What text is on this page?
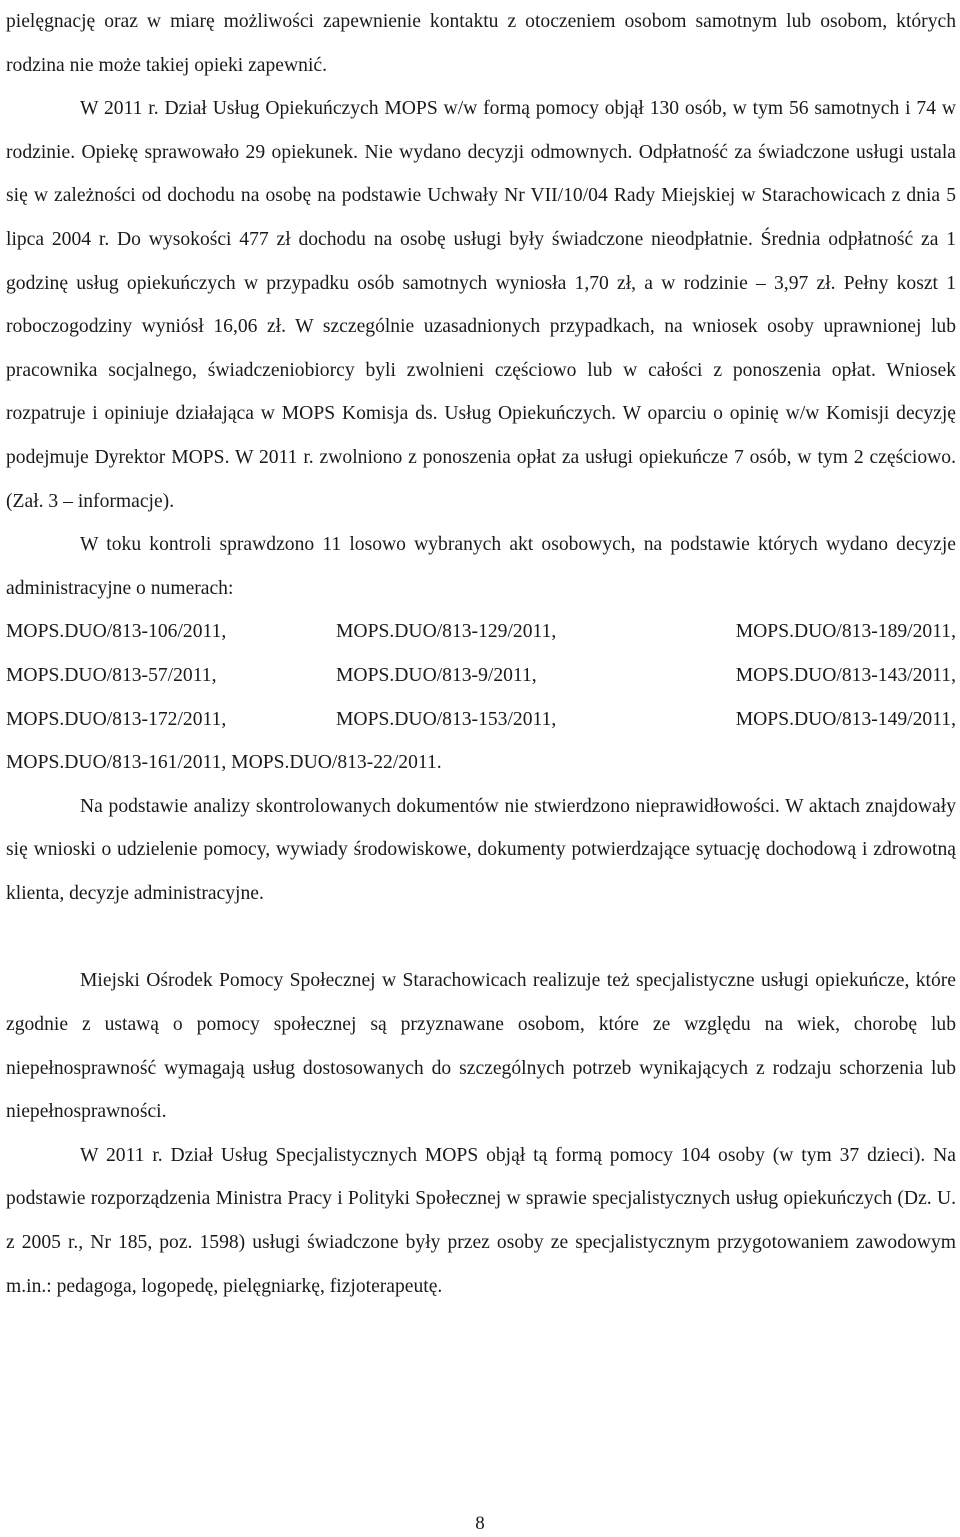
pielęgnację oraz w miarę możliwości zapewnienie kontaktu z otoczeniem osobom samotnym lub osobom, których rodzina nie może takiej opieki zapewnić.

W 2011 r. Dział Usług Opiekuńczych MOPS w/w formą pomocy objął 130 osób, w tym 56 samotnych i 74 w rodzinie. Opiekę sprawowało 29 opiekunek. Nie wydano decyzji odmownych. Odpłatność za świadczone usługi ustala się w zależności od dochodu na osobę na podstawie Uchwały Nr VII/10/04 Rady Miejskiej w Starachowicach z dnia 5 lipca 2004 r. Do wysokości 477 zł dochodu na osobę usługi były świadczone nieodpłatnie. Średnia odpłatność za 1 godzinę usług opiekuńczych w przypadku osób samotnych wyniosła 1,70 zł, a w rodzinie – 3,97 zł. Pełny koszt 1 roboczogodziny wyniósł 16,06 zł. W szczególnie uzasadnionych przypadkach, na wniosek osoby uprawnionej lub pracownika socjalnego, świadczeniobiorcy byli zwolnieni częściowo lub w całości z ponoszenia opłat. Wniosek rozpatruje i opiniuje działająca w MOPS Komisja ds. Usług Opiekuńczych. W oparciu o opinię w/w Komisji decyzję podejmuje Dyrektor MOPS. W 2011 r. zwolniono z ponoszenia opłat za usługi opiekuńcze 7 osób, w tym 2 częściowo. (Zał. 3 – informacje).

W toku kontroli sprawdzono 11 losowo wybranych akt osobowych, na podstawie których wydano decyzje administracyjne o numerach:

MOPS.DUO/813-106/2011,	MOPS.DUO/813-129/2011,	MOPS.DUO/813-189/2011,
MOPS.DUO/813-57/2011,	MOPS.DUO/813-9/2011,	MOPS.DUO/813-143/2011,
MOPS.DUO/813-172/2011,	MOPS.DUO/813-153/2011,	MOPS.DUO/813-149/2011,
MOPS.DUO/813-161/2011, MOPS.DUO/813-22/2011.

Na podstawie analizy skontrolowanych dokumentów nie stwierdzono nieprawidłowości. W aktach znajdowały się wnioski o udzielenie pomocy, wywiady środowiskowe, dokumenty potwierdzające sytuację dochodową i zdrowotną klienta, decyzje administracyjne.

Miejski Ośrodek Pomocy Społecznej w Starachowicach realizuje też specjalistyczne usługi opiekuńcze, które zgodnie z ustawą o pomocy społecznej są przyznawane osobom, które ze względu na wiek, chorobę lub niepełnosprawność wymagają usług dostosowanych do szczególnych potrzeb wynikających z rodzaju schorzenia lub niepełnosprawności.

W 2011 r. Dział Usług Specjalistycznych MOPS objął tą formą pomocy 104 osoby (w tym 37 dzieci). Na podstawie rozporządzenia Ministra Pracy i Polityki Społecznej w sprawie specjalistycznych usług opiekuńczych (Dz. U. z 2005 r., Nr 185, poz. 1598) usługi świadczone były przez osoby ze specjalistycznym przygotowaniem zawodowym m.in.: pedagoga, logopedę, pielęgniarkę, fizjoterapeutę.

8
